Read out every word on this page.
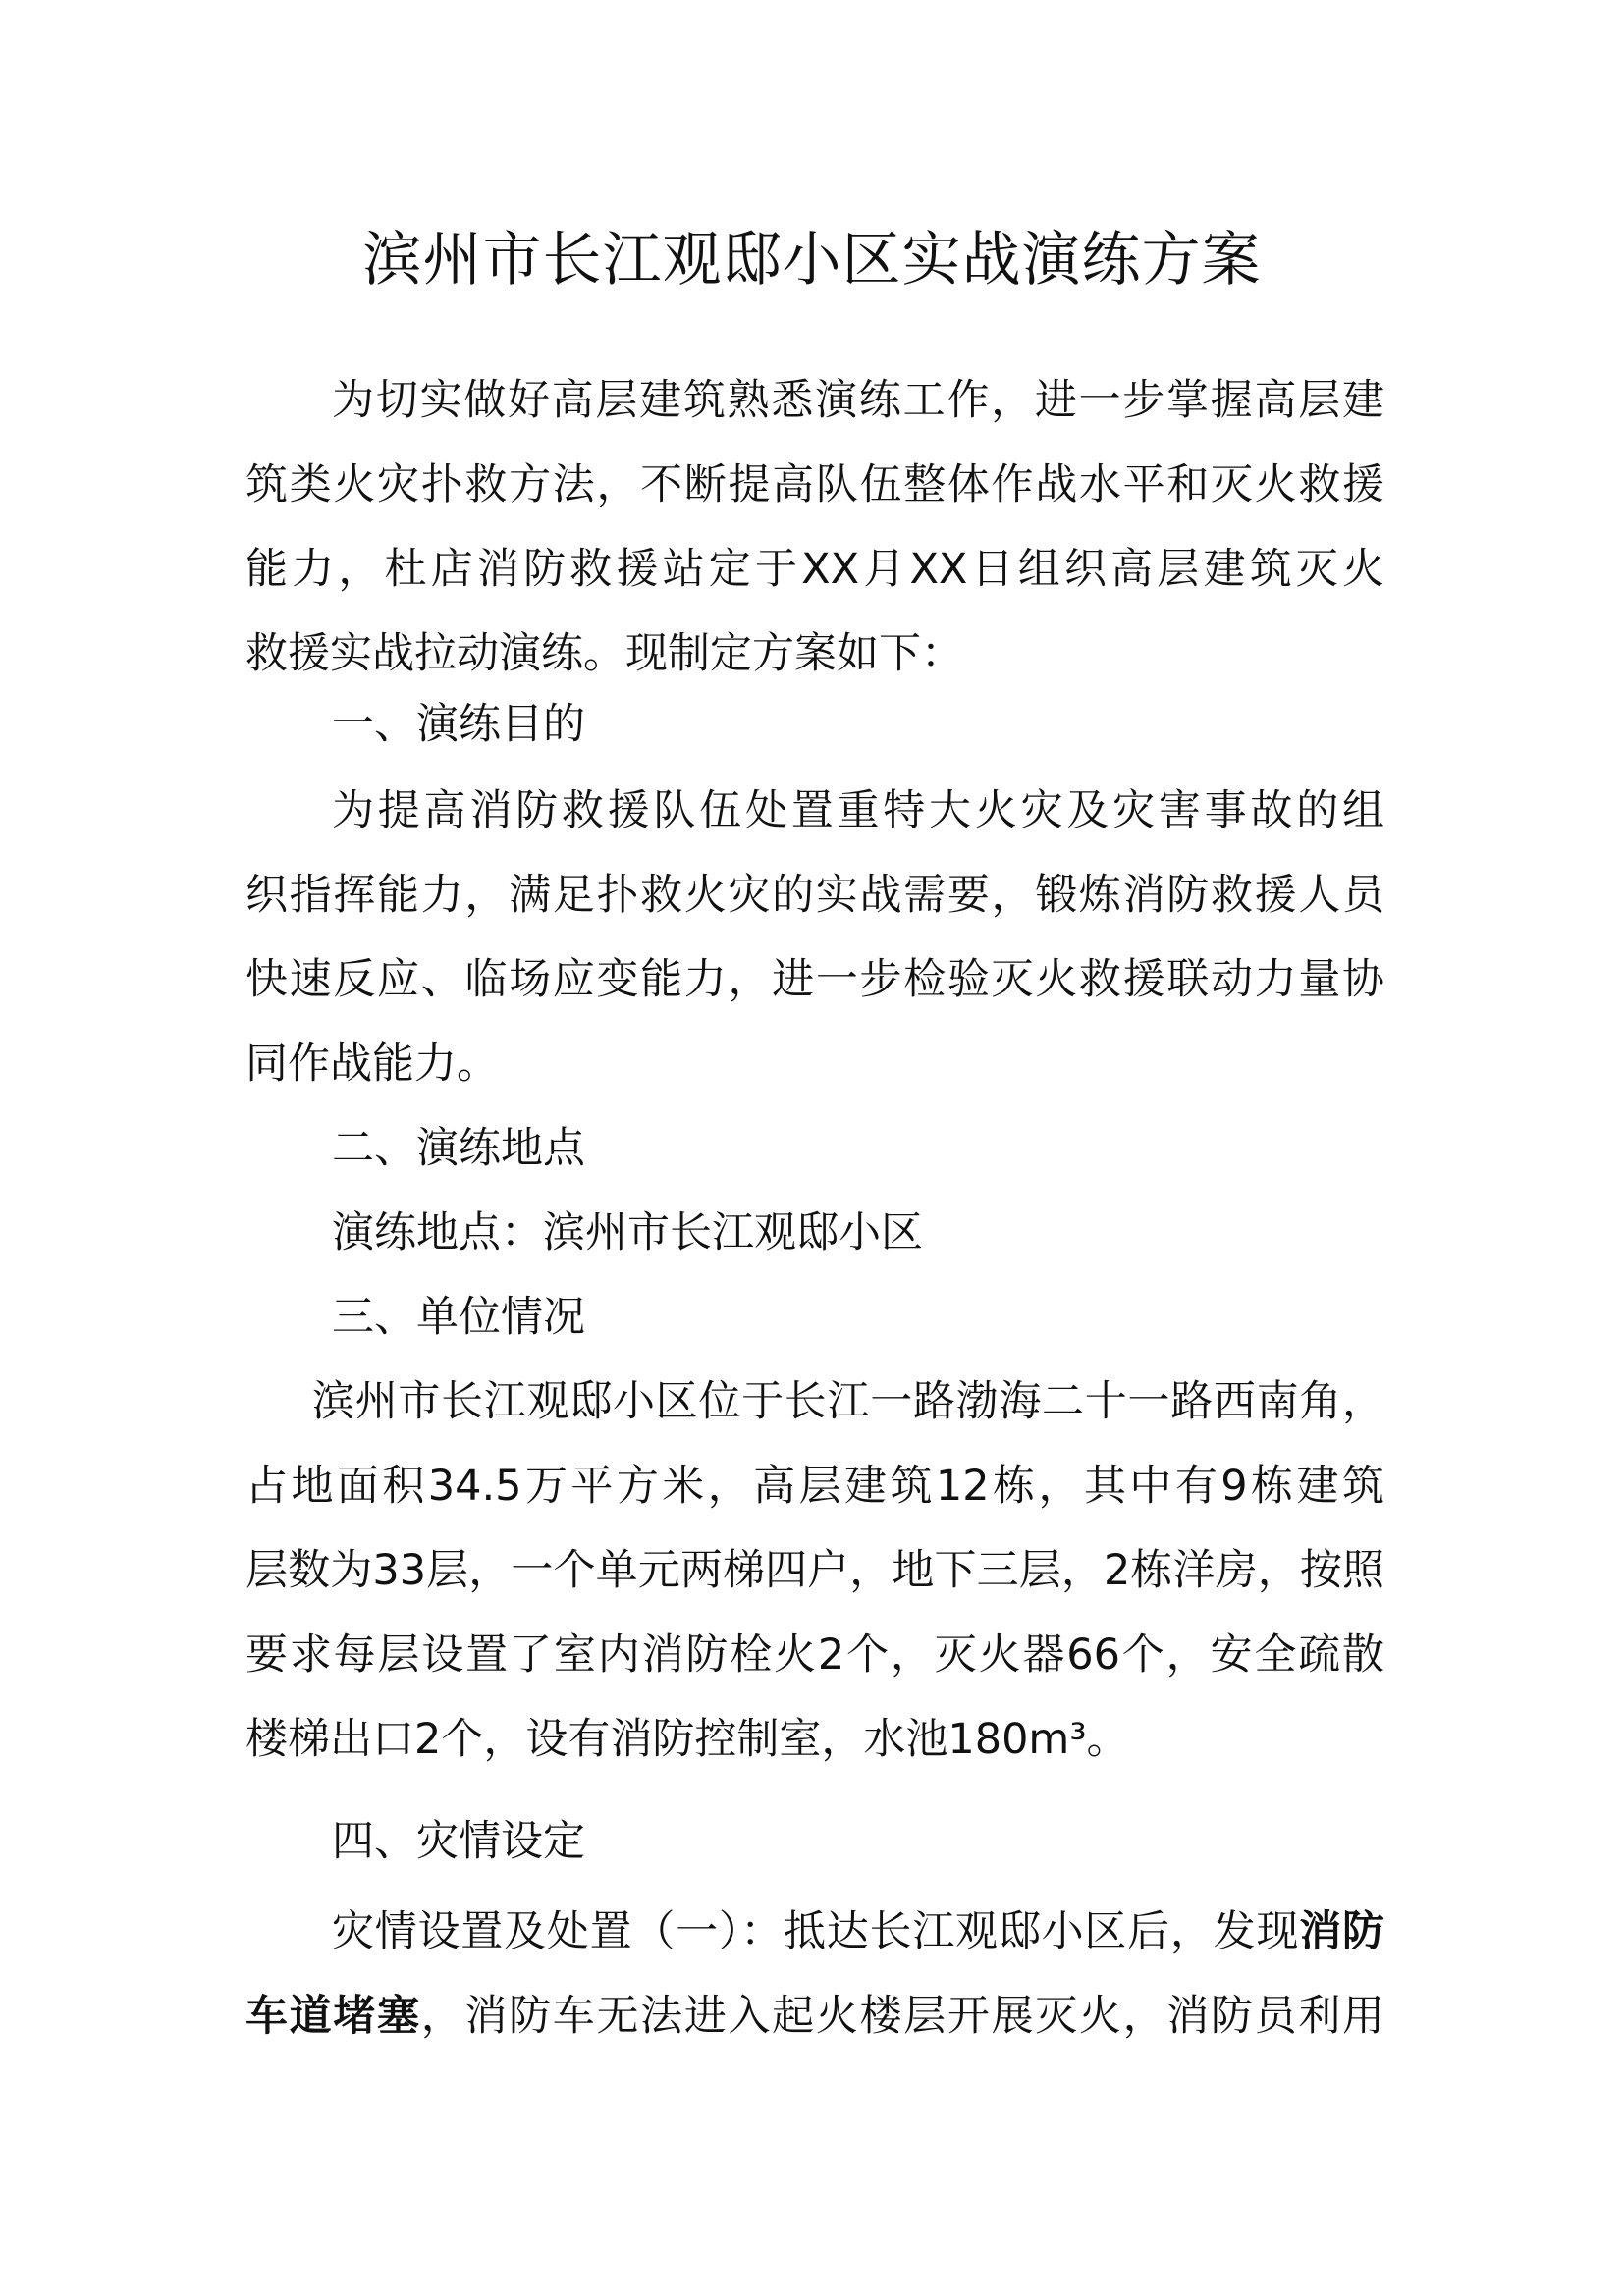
滨州市长江观邸小区实战演练方案
为切实做好高层建筑熟悉演练工作，进一步掌握高层建
筑类火灾扑救方法，不断提高队伍整体作战水平和灭火救援
能力，杜店消防救援站定于XX月XX日组织高层建筑灭火
救援实战拉动演练。现制定方案如下：
一、演练目的
为提高消防救援队伍处置重特大火灾及灾害事故的组
织指挥能力，满足扑救火灾的实战需要，锻炼消防救援人员
快速反应、临场应变能力，进一步检验灭火救援联动力量协
同作战能力。
二、演练地点
演练地点：滨州市长江观邸小区
三、单位情况
滨州市长江观邸小区位于长江一路渤海二十一路西南角，
占地面积34.5万平方米，高层建筑12栋，其中有9栋建筑
层数为33层，一个单元两梯四户，地下三层，2栋洋房，按照
要求每层设置了室内消防栓火2个，灭火器66个，安全疏散
楼梯出口2个，设有消防控制室，水池180m³。
四、灾情设定
灾情设置及处置（一）：抵达长江观邸小区后，发现消防
车道堵塞，消防车无法进入起火楼层开展灭火，消防员利用
